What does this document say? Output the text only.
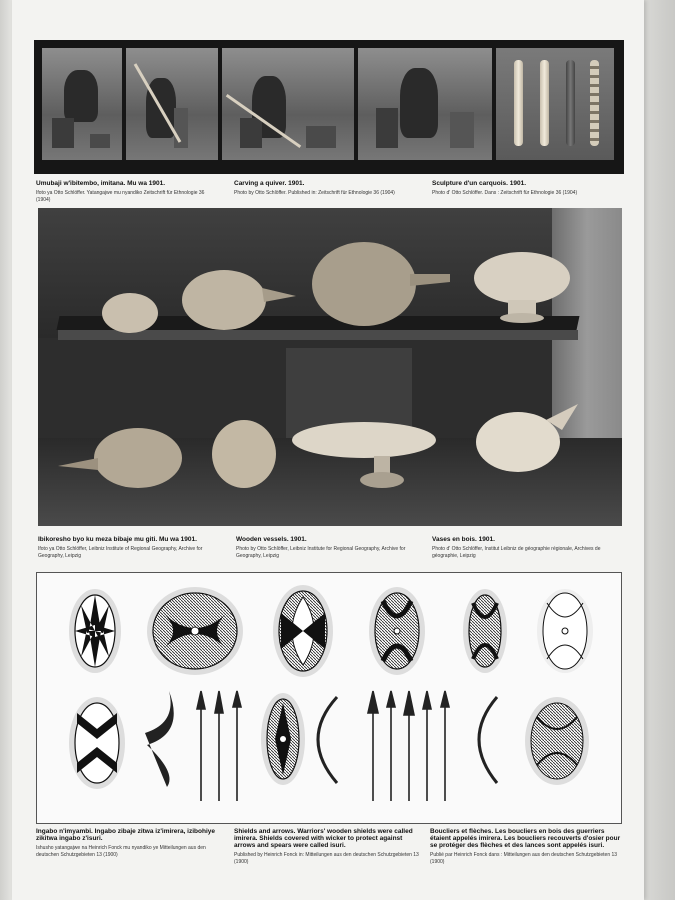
Umubaji w'ibitembo, imitana. Mu wa 1901.
Ifoto ya Otto Schlöffer. Yatangajwe mu nyandiko Zeitschrift für Ethnologie 36 (1904)
Carving a quiver. 1901.
Photo by Otto Schlöffer. Published in: Zeitschrift für Ethnologie 36 (1904)
Sculpture d'un carquois. 1901.
Photo d' Otto Schlöffer. Dans : Zeitschrift für Ethnologie 36 (1904)
Ibikoresho byo ku meza bibaje mu giti. Mu wa 1901.
Ifoto ya Otto Schlöffer, Leibniz Institute of Regional Geography, Archive for Geography, Leipzig
Wooden vessels. 1901.
Photo by Otto Schlöffer, Leibniz Institute for Regional Geography, Archive for Geography, Leipzig
Vases en bois. 1901.
Photo d' Otto Schlöffer, Institut Leibniz de géographie régionale, Archives de géographie, Leipzig
Ingabo n'imyambi. Ingabo zibaje zitwa iz'imirera, izibohiye zikitwa ingabo z'isuri.
Ishusho yatangajwe na Heinrich Fonck mu nyandiko ye Mitteilungen aus den deutschen Schutzgebieten 13 (1900)
Shields and arrows. Warriors' wooden shields were called imirera. Shields covered with wicker to protect against arrows and spears were called isuri.
Published by Heinrich Fonck in: Mitteilungen aus den deutschen Schutzgebieten 13 (1900)
Boucliers et flèches. Les boucliers en bois des guerriers étaient appelés imirera. Les boucliers recouverts d'osier pour se protéger des flèches et des lances sont appelés isuri.
Publié par Heinrich Fonck dans : Mitteilungen aus den deutschen Schutzgebieten 13 (1900)
